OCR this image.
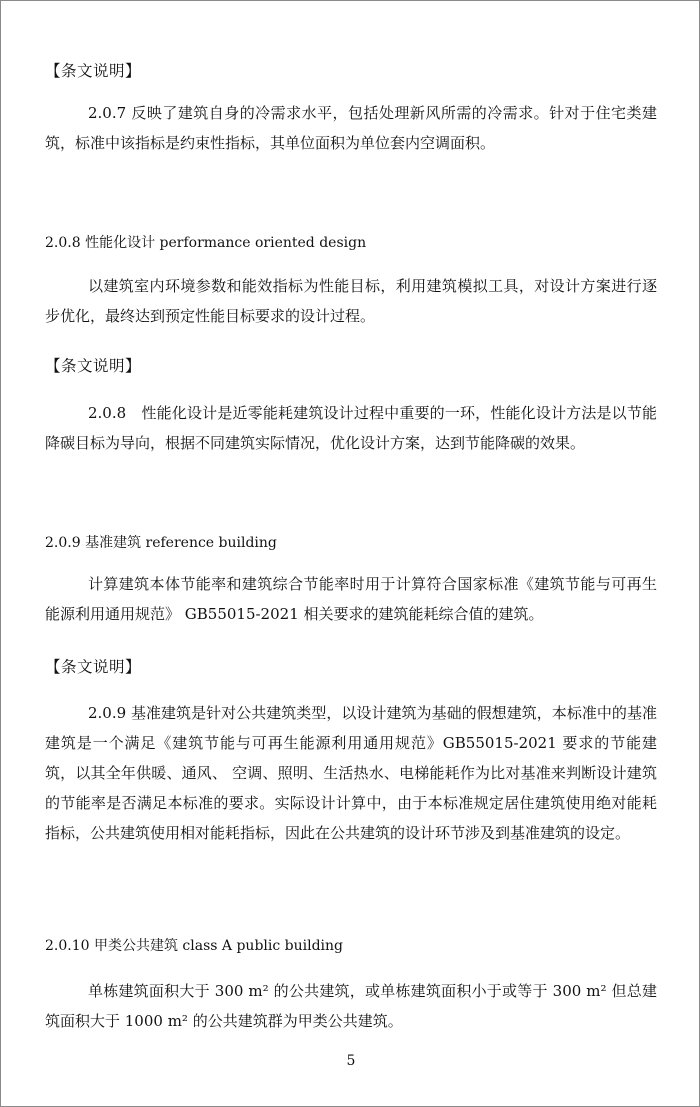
【条文说明】
2.0.7 反映了建筑自身的冷需求水平，包括处理新风所需的冷需求。针对于住宅类建筑，标准中该指标是约束性指标，其单位面积为单位套内空调面积。
2.0.8 性能化设计 performance oriented design
以建筑室内环境参数和能效指标为性能目标，利用建筑模拟工具，对设计方案进行逐步优化，最终达到预定性能目标要求的设计过程。
【条文说明】
2.0.8　性能化设计是近零能耗建筑设计过程中重要的一环，性能化设计方法是以节能降碳目标为导向，根据不同建筑实际情况，优化设计方案，达到节能降碳的效果。
2.0.9 基准建筑 reference building
计算建筑本体节能率和建筑综合节能率时用于计算符合国家标准《建筑节能与可再生能源利用通用规范》 GB55015-2021 相关要求的建筑能耗综合值的建筑。
【条文说明】
2.0.9 基准建筑是针对公共建筑类型，以设计建筑为基础的假想建筑，本标准中的基准建筑是一个满足《建筑节能与可再生能源利用通用规范》GB55015-2021 要求的节能建筑，以其全年供暖、通风、 空调、照明、生活热水、电梯能耗作为比对基准来判断设计建筑的节能率是否满足本标准的要求。实际设计计算中，由于本标准规定居住建筑使用绝对能耗指标，公共建筑使用相对能耗指标，因此在公共建筑的设计环节涉及到基准建筑的设定。
2.0.10 甲类公共建筑 class A public building
单栋建筑面积大于 300 m² 的公共建筑，或单栋建筑面积小于或等于 300 m² 但总建筑面积大于 1000 m² 的公共建筑群为甲类公共建筑。
5
